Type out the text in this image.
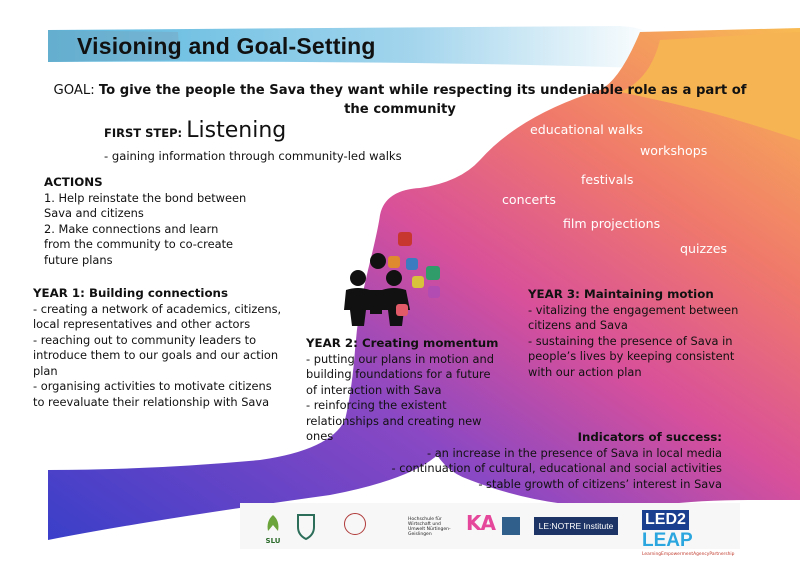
Visioning and Goal-Setting
GOAL: To give the people the Sava they want while respecting its undeniable role as a part of the community
FIRST STEP: Listening
- gaining information through community-led walks
ACTIONS
1. Help reinstate the bond between
Sava and citizens
2. Make connections and learn
from the community to co-create
future plans
YEAR 1: Building connections
- creating a network of academics, citizens,
local representatives and other actors
- reaching out to community leaders to
introduce them to our goals and our action
plan
- organising activities to motivate citizens
to reevaluate their relationship with Sava
YEAR 2: Creating momentum
- putting our plans in motion and
building foundations for a future
of interaction with Sava
- reinforcing the existent
relationships and creating new
ones
YEAR 3: Maintaining motion
- vitalizing the engagement between
citizens and Sava
- sustaining the presence of Sava in
people’s lives by keeping consistent
with our action plan
Indicators of success:
- an increase in the presence of Sava in local media
- continuation of cultural, educational and social activities
- stable growth of citizens’ interest in Sava
educational walks
workshops
festivals
concerts
film projections
quizzes
SLU
Hochschule für Wirtschaft und Umwelt Nürtingen-Geislingen	KA	LE:NOTRE Institute LED2LEAP
LearningEmpowermentAgencyPartnership
